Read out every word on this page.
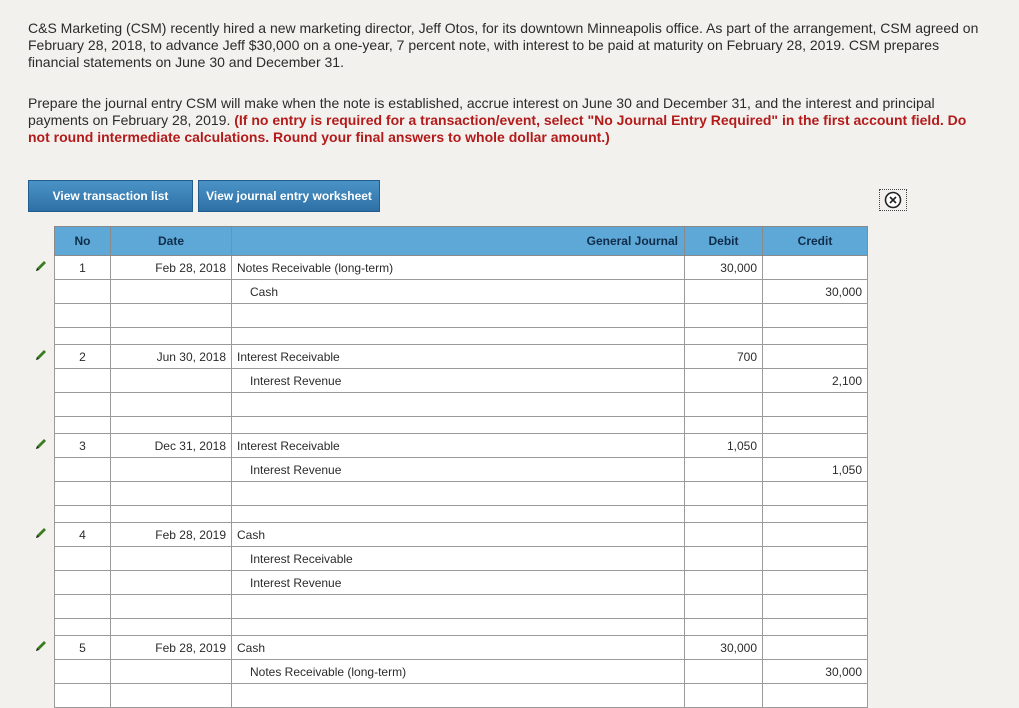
C&S Marketing (CSM) recently hired a new marketing director, Jeff Otos, for its downtown Minneapolis office. As part of the arrangement, CSM agreed on February 28, 2018, to advance Jeff $30,000 on a one-year, 7 percent note, with interest to be paid at maturity on February 28, 2019. CSM prepares financial statements on June 30 and December 31.
Prepare the journal entry CSM will make when the note is established, accrue interest on June 30 and December 31, and the interest and principal payments on February 28, 2019. (If no entry is required for a transaction/event, select "No Journal Entry Required" in the first account field. Do not round intermediate calculations. Round your final answers to whole dollar amount.)
View transaction list	View journal entry worksheet
No	Date	General Journal	Debit	Credit
1	Feb 28, 2018	Notes Receivable (long-term)	30,000	
		Cash		30,000

2	Jun 30, 2018	Interest Receivable	700	
		Interest Revenue		2,100

3	Dec 31, 2018	Interest Receivable	1,050	
		Interest Revenue		1,050

4	Feb 28, 2019	Cash		
		Interest Receivable		
		Interest Revenue		

5	Feb 28, 2019	Cash	30,000	
		Notes Receivable (long-term)		30,000
